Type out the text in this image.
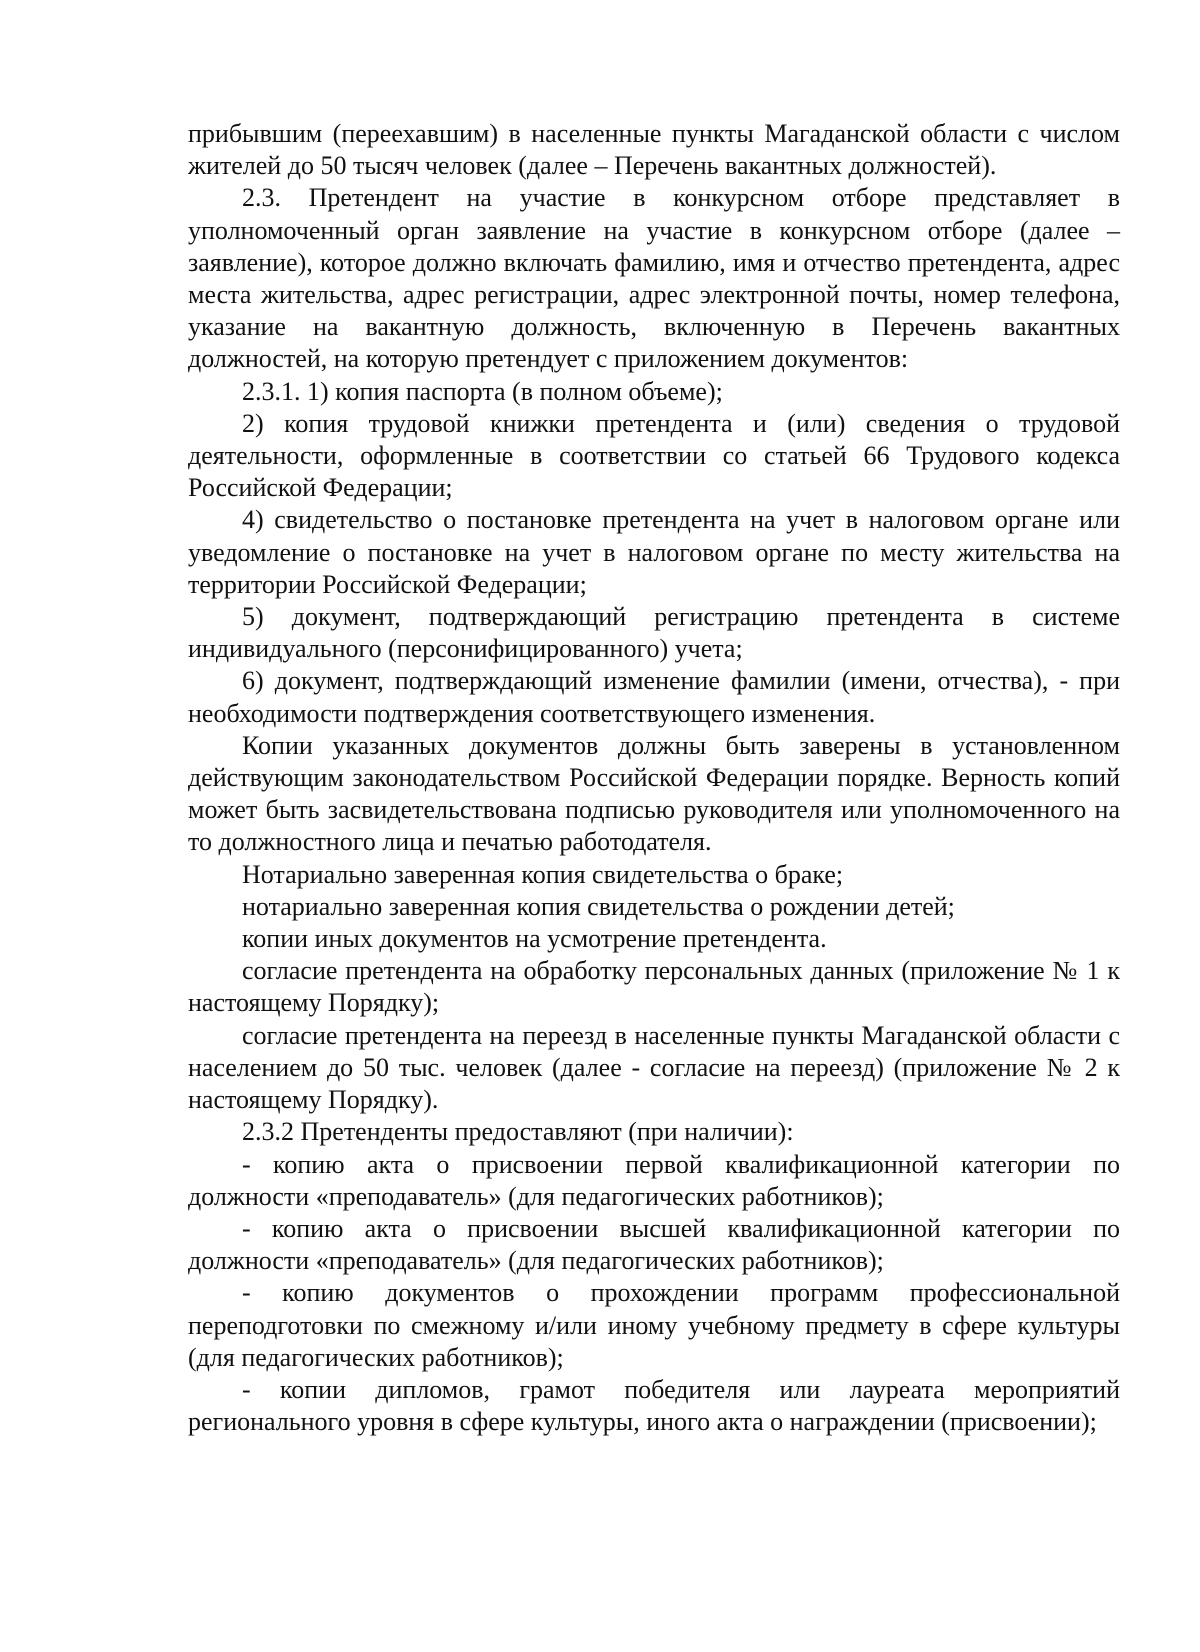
прибывшим (переехавшим) в населенные пункты Магаданской области с числом жителей до 50 тысяч человек (далее – Перечень вакантных должностей).

2.3. Претендент на участие в конкурсном отборе представляет в уполномоченный орган заявление на участие в конкурсном отборе (далее – заявление), которое должно включать фамилию, имя и отчество претендента, адрес места жительства, адрес регистрации, адрес электронной почты, номер телефона, указание на вакантную должность, включенную в Перечень вакантных должностей, на которую претендует с приложением документов:

2.3.1. 1) копия паспорта (в полном объеме);

2) копия трудовой книжки претендента и (или) сведения о трудовой деятельности, оформленные в соответствии со статьей 66 Трудового кодекса Российской Федерации;

4) свидетельство о постановке претендента на учет в налоговом органе или уведомление о постановке на учет в налоговом органе по месту жительства на территории Российской Федерации;

5) документ, подтверждающий регистрацию претендента в системе индивидуального (персонифицированного) учета;

6) документ, подтверждающий изменение фамилии (имени, отчества), - при необходимости подтверждения соответствующего изменения.

Копии указанных документов должны быть заверены в установленном действующим законодательством Российской Федерации порядке. Верность копий может быть засвидетельствована подписью руководителя или уполномоченного на то должностного лица и печатью работодателя.

Нотариально заверенная копия свидетельства о браке;

нотариально заверенная копия свидетельства о рождении детей;

копии иных документов на усмотрение претендента.

согласие претендента на обработку персональных данных (приложение № 1 к настоящему Порядку);

согласие претендента на переезд в населенные пункты Магаданской области с населением до 50 тыс. человек (далее - согласие на переезд) (приложение № 2 к настоящему Порядку).

2.3.2 Претенденты предоставляют (при наличии):

- копию акта о присвоении первой квалификационной категории по должности «преподаватель» (для педагогических работников);

- копию акта о присвоении высшей квалификационной категории по должности «преподаватель» (для педагогических работников);

- копию документов о прохождении программ профессиональной переподготовки по смежному и/или иному учебному предмету в сфере культуры (для педагогических работников);

- копии дипломов, грамот победителя или лауреата мероприятий регионального уровня в сфере культуры, иного акта о награждении (присвоении);
